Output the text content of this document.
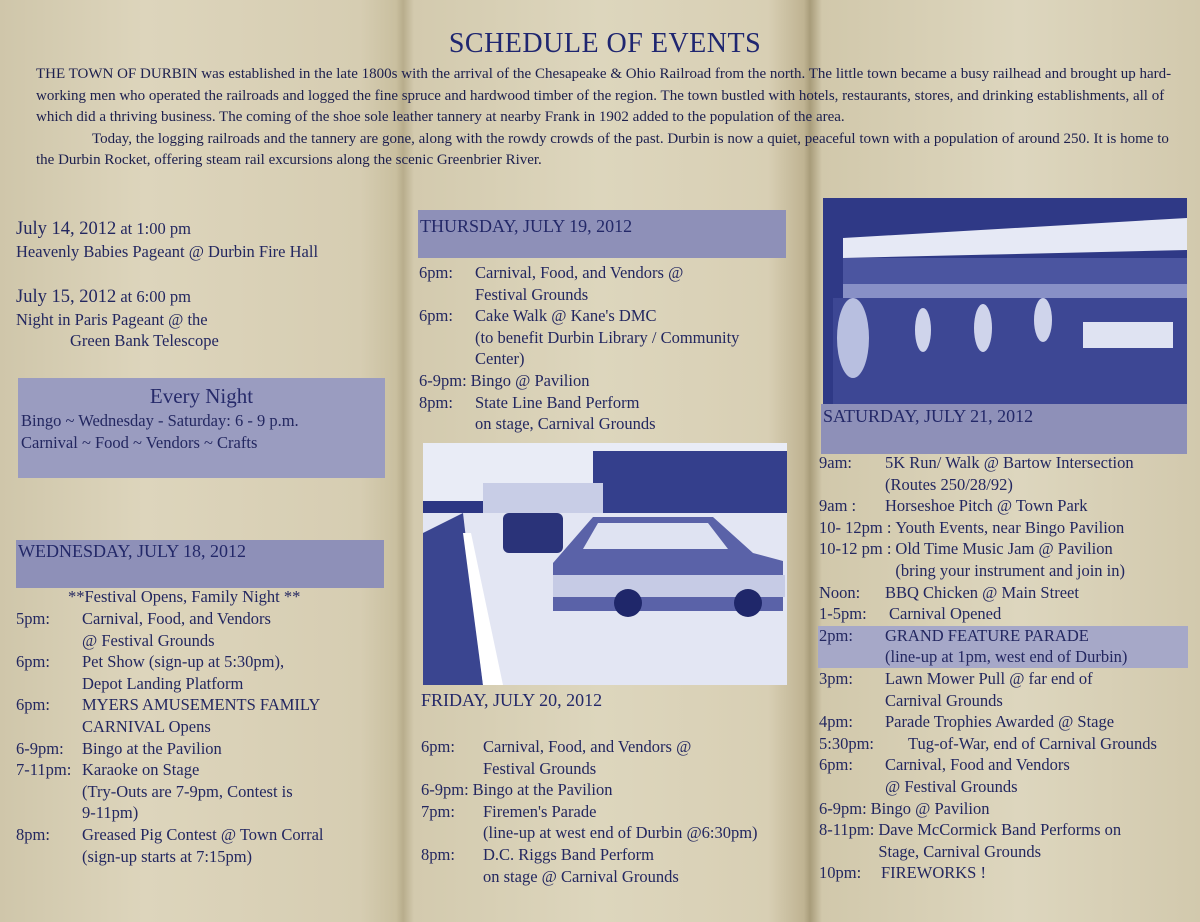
SCHEDULE OF EVENTS

THE TOWN OF DURBIN was established in the late 1800s with the arrival of the Chesapeake & Ohio Railroad from the north. The little town became a busy railhead and brought up hard-working men who operated the railroads and logged the fine spruce and hardwood timber of the region. The town bustled with hotels, restaurants, stores, and drinking establishments, all of which did a thriving business. The coming of the shoe sole leather tannery at nearby Frank in 1902 added to the population of the area.

Today, the logging railroads and the tannery are gone, along with the rowdy crowds of the past. Durbin is now a quiet, peaceful town with a population of around 250. It is home to the Durbin Rocket, offering steam rail excursions along the scenic Greenbrier River.

July 14, 2012 at 1:00 pm
Heavenly Babies Pageant @ Durbin Fire Hall
July 15, 2012 at 6:00 pm
Night in Paris Pageant @ the
Green Bank Telescope
Every Night
Bingo ~ Wednesday - Saturday: 6 - 9 p.m.
Carnival ~ Food ~ Vendors ~ Crafts
WEDNESDAY, JULY 18, 2012
**Festival Opens, Family Night **
5pm:	Carnival, Food, and Vendors
@ Festival Grounds
6pm:	Pet Show (sign-up at 5:30pm),
Depot Landing Platform
6pm:	MYERS AMUSEMENTS FAMILY
CARNIVAL Opens
6-9pm:	Bingo at the Pavilion
7-11pm: Karaoke on Stage
(Try-Outs are 7-9pm, Contest is
9-11pm)
8pm:	Greased Pig Contest @ Town Corral
(sign-up starts at 7:15pm)
THURSDAY, JULY 19, 2012
6pm:	Carnival, Food, and Vendors @
Festival Grounds
6pm:	Cake Walk @ Kane's DMC
(to benefit Durbin Library / Community
Center)
6-9pm: Bingo @ Pavilion
8pm:	State Line Band Perform
on stage, Carnival Grounds
FRIDAY, JULY 20, 2012
6pm:	Carnival, Food, and Vendors @
Festival Grounds
6-9pm: Bingo at the Pavilion
7pm:	Firemen's Parade
(line-up at west end of Durbin @6:30pm)
8pm:	D.C. Riggs Band Perform
on stage @ Carnival Grounds
SATURDAY, JULY 21, 2012
9am:	5K Run/ Walk @ Bartow Intersection
(Routes 250/28/92)
9am :	Horseshoe Pitch @ Town Park
10- 12pm : Youth Events, near Bingo Pavilion
10-12 pm : Old Time Music Jam @ Pavilion
(bring your instrument and join in)
Noon:	BBQ Chicken @ Main Street
1-5pm:	Carnival Opened
2pm:	GRAND FEATURE PARADE
(line-up at 1pm, west end of Durbin)
3pm:	Lawn Mower Pull @ far end of
Carnival Grounds
4pm:	Parade Trophies Awarded @ Stage
5:30pm:	Tug-of-War, end of Carnival Grounds
6pm:	Carnival, Food and Vendors
@ Festival Grounds
6-9pm: Bingo @ Pavilion
8-11pm: Dave McCormick Band Performs on
Stage, Carnival Grounds
10pm:	FIREWORKS !
